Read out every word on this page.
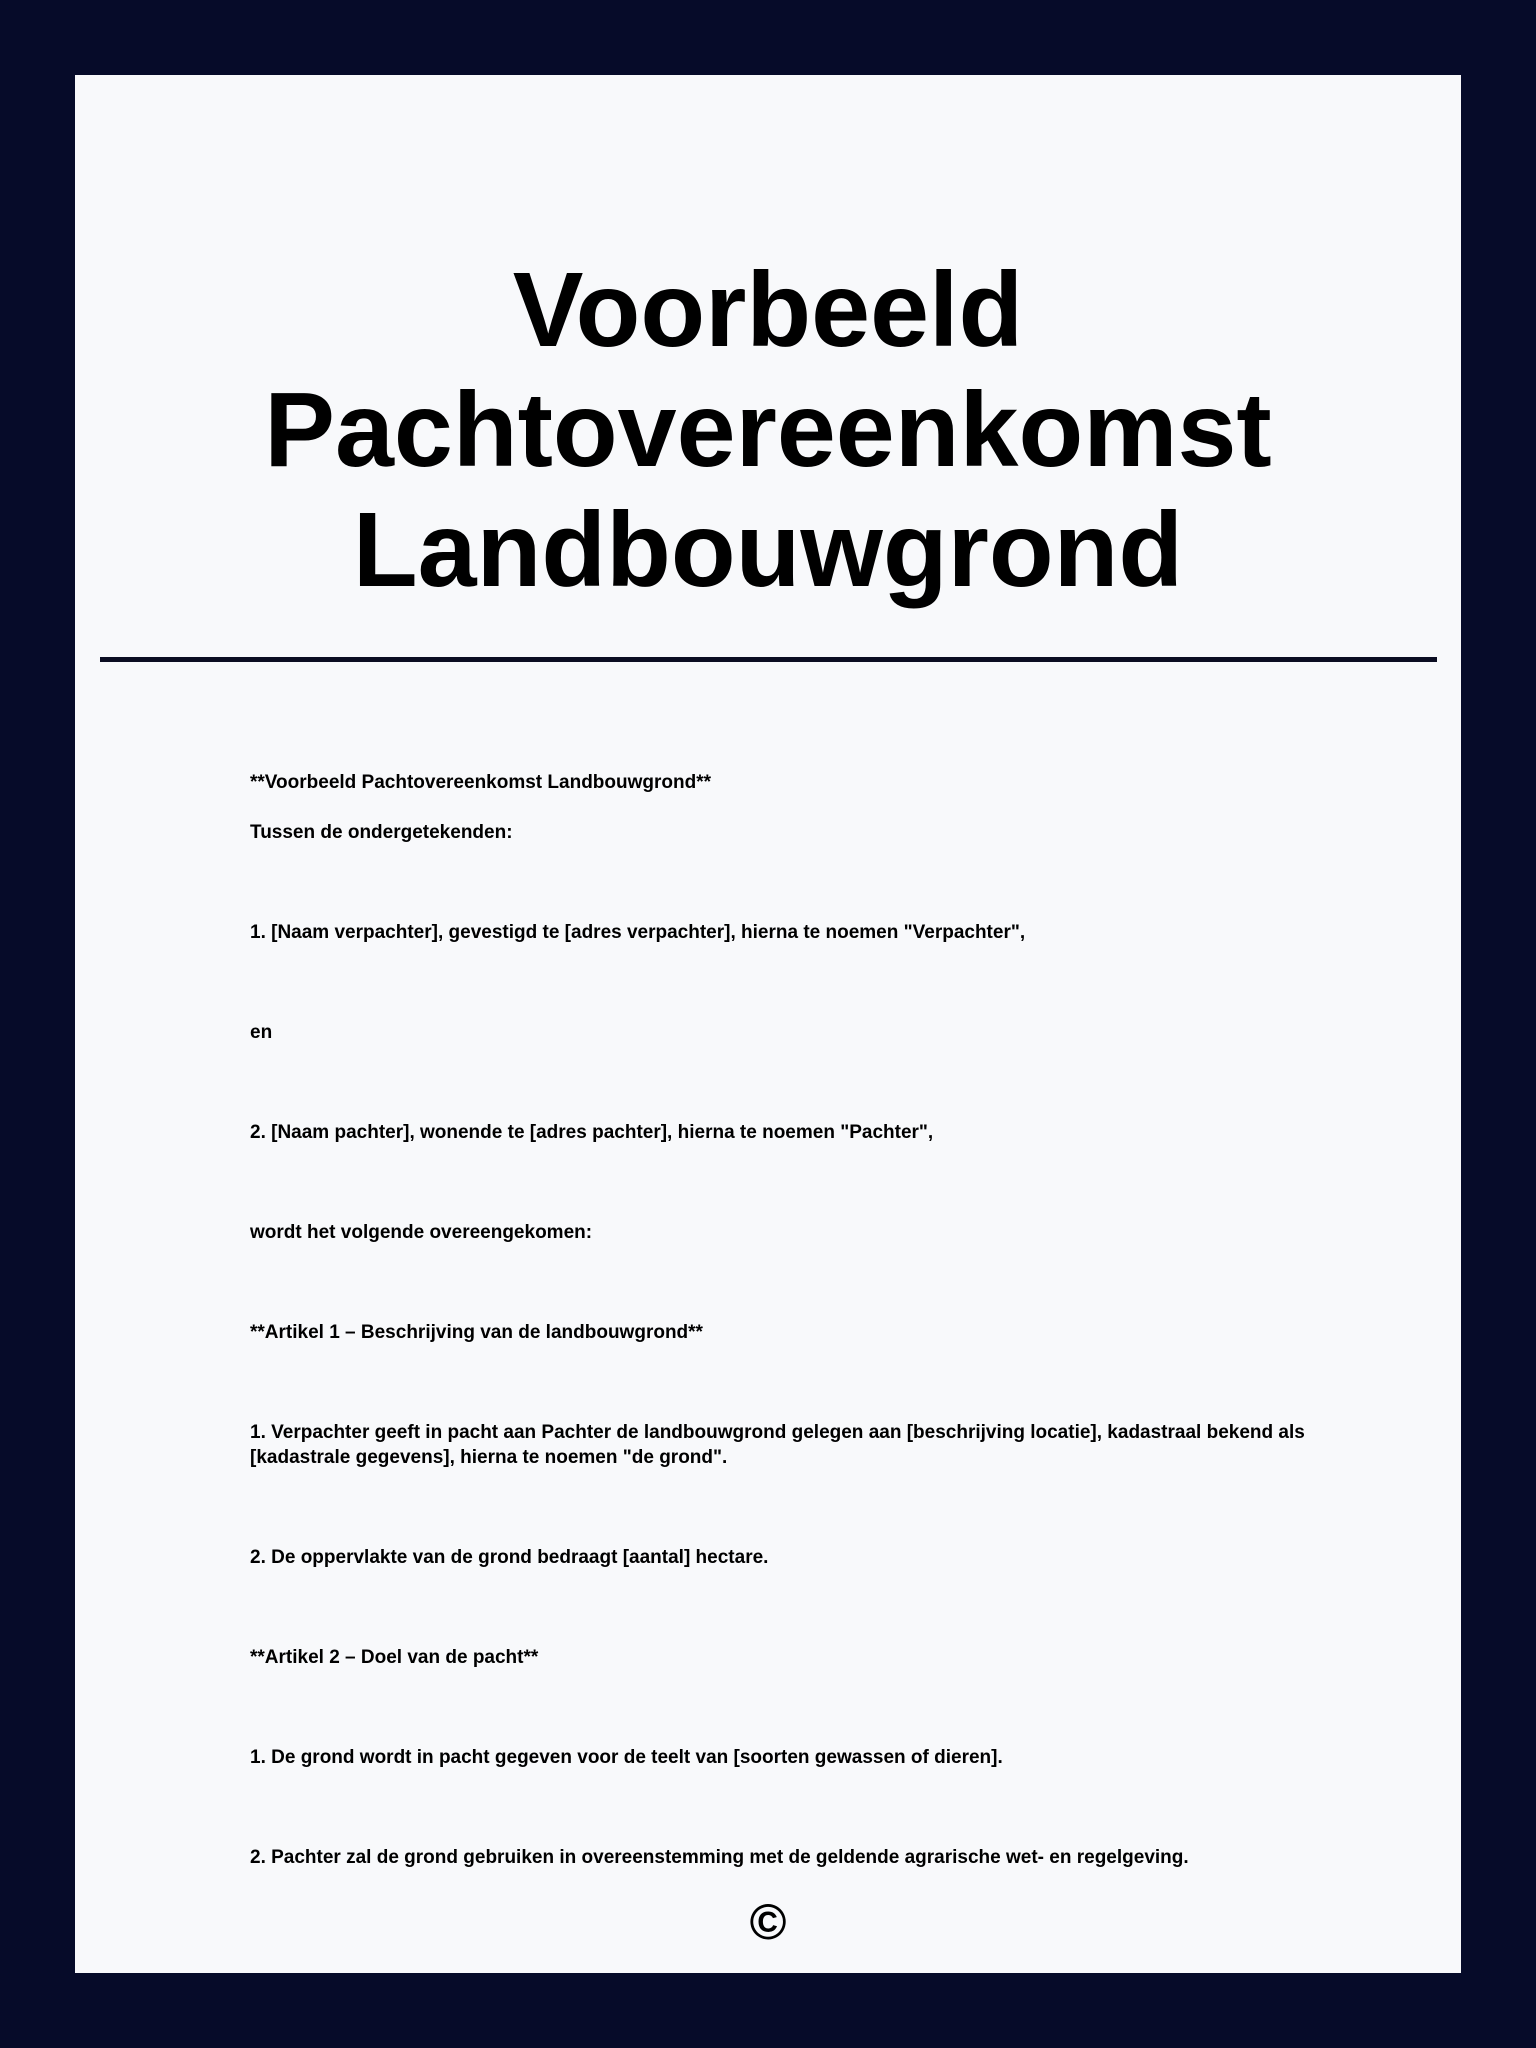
Voorbeeld
Pachtovereenkomst
Landbouwgrond

**Voorbeeld Pachtovereenkomst Landbouwgrond**

Tussen de ondergetekenden:

1. [Naam verpachter], gevestigd te [adres verpachter], hierna te noemen "Verpachter",

en

2. [Naam pachter], wonende te [adres pachter], hierna te noemen "Pachter",

wordt het volgende overeengekomen:

**Artikel 1 – Beschrijving van de landbouwgrond**

1. Verpachter geeft in pacht aan Pachter de landbouwgrond gelegen aan [beschrijving locatie], kadastraal bekend als [kadastrale gegevens], hierna te noemen "de grond".

2. De oppervlakte van de grond bedraagt [aantal] hectare.

**Artikel 2 – Doel van de pacht**

1. De grond wordt in pacht gegeven voor de teelt van [soorten gewassen of dieren].

2. Pachter zal de grond gebruiken in overeenstemming met de geldende agrarische wet- en regelgeving.

©
